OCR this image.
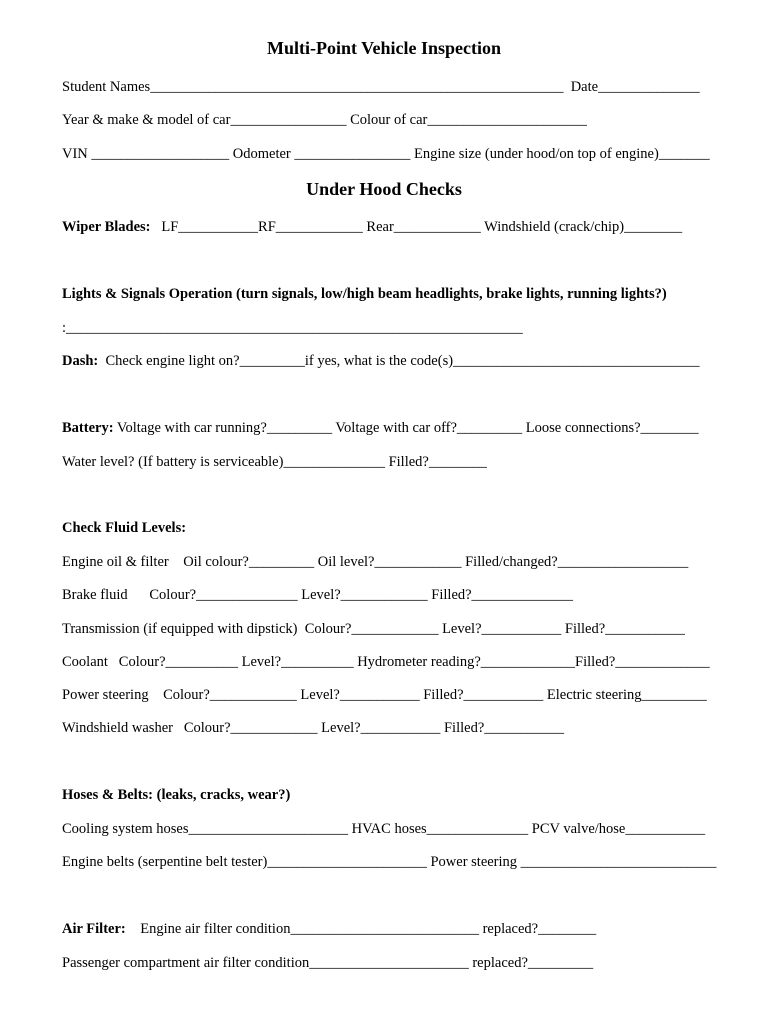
Multi-Point Vehicle Inspection
Student Names_________________________________________________________  Date______________
Year & make & model of car________________ Colour of car______________________
VIN ___________________ Odometer ________________ Engine size (under hood/on top of engine)_______
Under Hood Checks
Wiper Blades:   LF___________RF____________ Rear____________ Windshield (crack/chip)________
Lights & Signals Operation (turn signals, low/high beam headlights, brake lights, running lights?)
:_______________________________________________________________
Dash:  Check engine light on?_________if yes, what is the code(s)__________________________________
Battery: Voltage with car running?_________ Voltage with car off?_________ Loose connections?________
Water level? (If battery is serviceable)______________ Filled?________
Check Fluid Levels:
Engine oil & filter    Oil colour?_________ Oil level?____________ Filled/changed?__________________
Brake fluid      Colour?______________ Level?____________ Filled?______________
Transmission (if equipped with dipstick)  Colour?____________ Level?___________ Filled?___________
Coolant   Colour?__________ Level?__________ Hydrometer reading?_____________Filled?_____________
Power steering    Colour?____________ Level?___________ Filled?___________ Electric steering_________
Windshield washer   Colour?____________ Level?___________ Filled?___________
Hoses & Belts: (leaks, cracks, wear?)
Cooling system hoses______________________ HVAC hoses______________ PCV valve/hose___________
Engine belts (serpentine belt tester)______________________ Power steering ___________________________
Air Filter:    Engine air filter condition__________________________ replaced?________
Passenger compartment air filter condition______________________ replaced?_________
